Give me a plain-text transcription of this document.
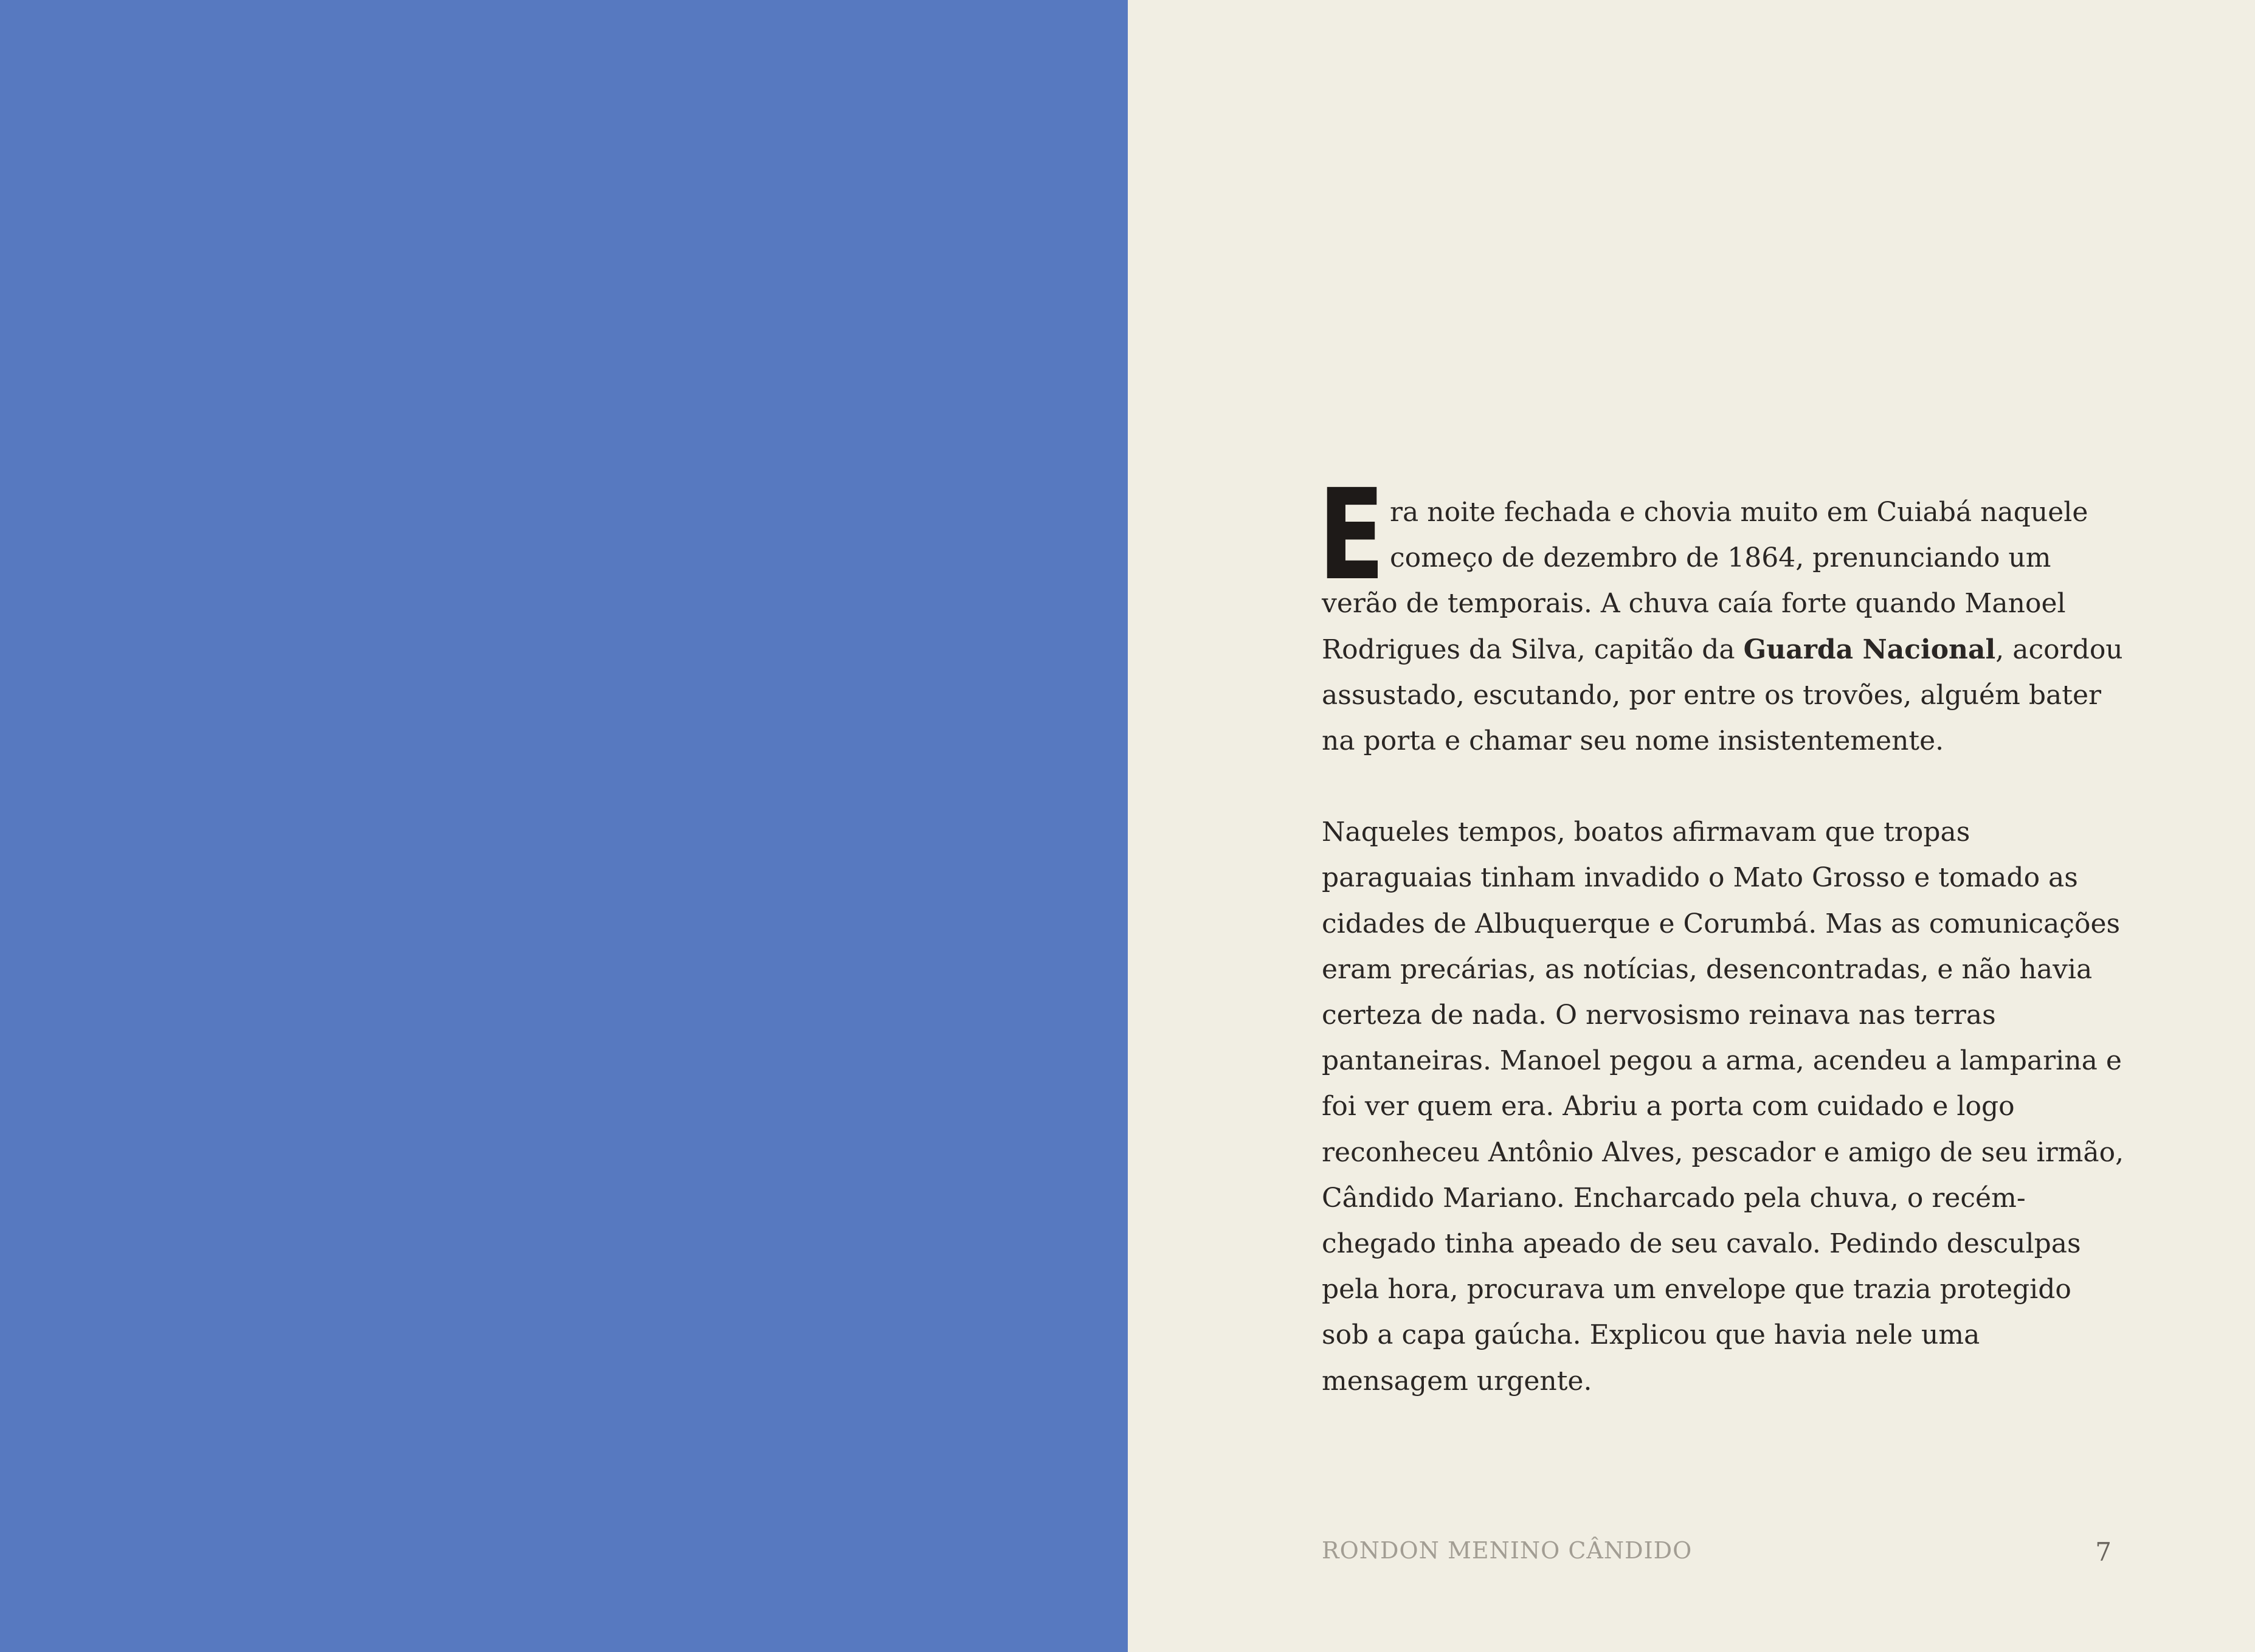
Era noite fechada e chovia muito em Cuiabá naquele começo de dezembro de 1864, prenunciando um verão de temporais. A chuva caía forte quando Manoel Rodrigues da Silva, capitão da Guarda Nacional, acordou assustado, escutando, por entre os trovões, alguém bater na porta e chamar seu nome insistentemente.

Naqueles tempos, boatos afirmavam que tropas paraguaias tinham invadido o Mato Grosso e tomado as cidades de Albuquerque e Corumbá. Mas as comunicações eram precárias, as notícias, desencontradas, e não havia certeza de nada. O nervosismo reinava nas terras pantaneiras. Manoel pegou a arma, acendeu a lamparina e foi ver quem era. Abriu a porta com cuidado e logo reconheceu Antônio Alves, pescador e amigo de seu irmão, Cândido Mariano. Encharcado pela chuva, o recém-chegado tinha apeado de seu cavalo. Pedindo desculpas pela hora, procurava um envelope que trazia protegido sob a capa gaúcha. Explicou que havia nele uma mensagem urgente.

RONDON MENINO CÂNDIDO	7
